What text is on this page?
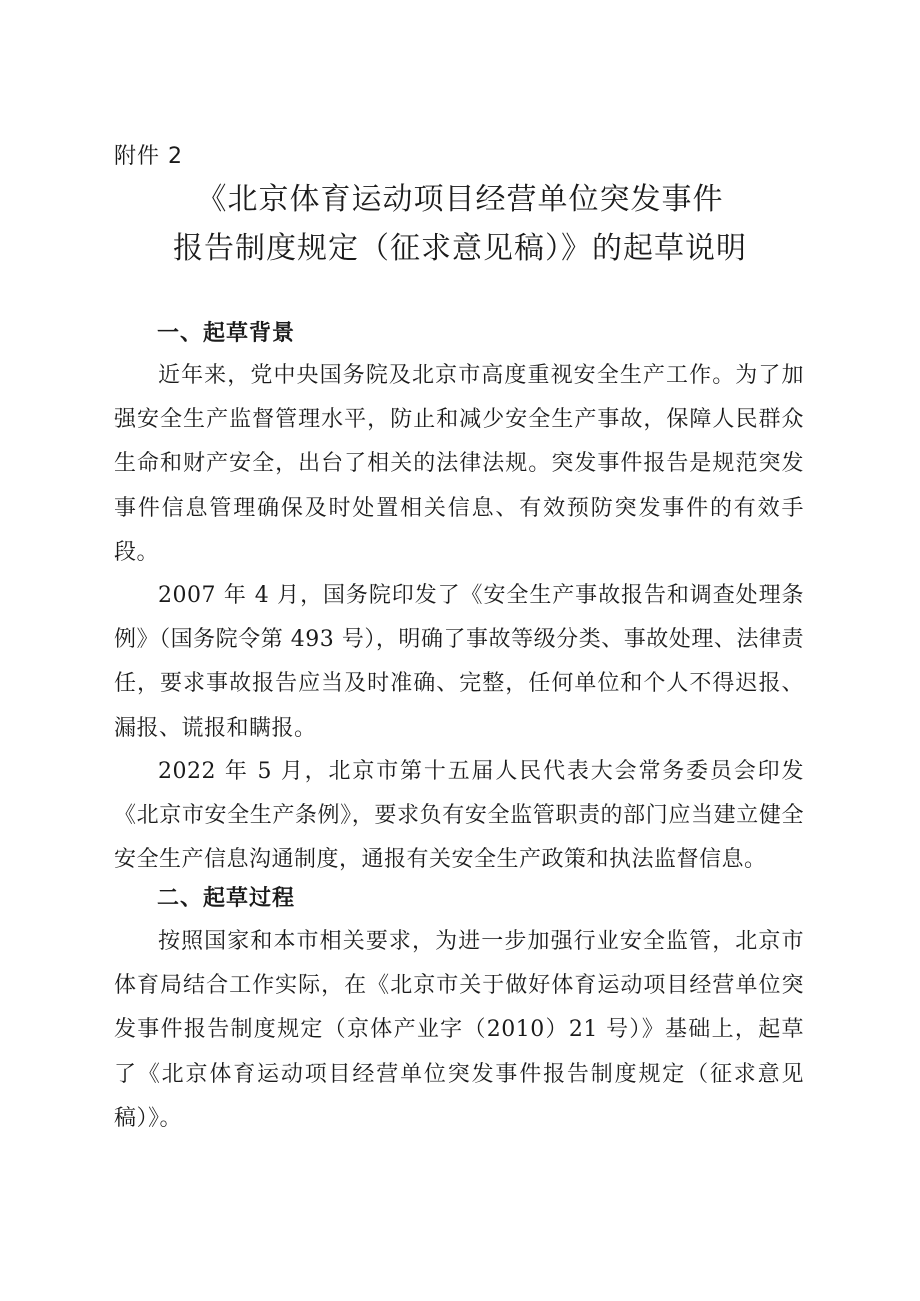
附件 2
《北京体育运动项目经营单位突发事件
报告制度规定（征求意见稿）》的起草说明
一、起草背景

近年来，党中央国务院及北京市高度重视安全生产工作。为了加强安全生产监督管理水平，防止和减少安全生产事故，保障人民群众生命和财产安全，出台了相关的法律法规。突发事件报告是规范突发事件信息管理确保及时处置相关信息、有效预防突发事件的有效手段。

2007 年 4 月，国务院印发了《安全生产事故报告和调查处理条例》（国务院令第 493 号），明确了事故等级分类、事故处理、法律责任，要求事故报告应当及时准确、完整，任何单位和个人不得迟报、漏报、谎报和瞒报。

2022 年 5 月，北京市第十五届人民代表大会常务委员会印发《北京市安全生产条例》，要求负有安全监管职责的部门应当建立健全安全生产信息沟通制度，通报有关安全生产政策和执法监督信息。

二、起草过程

按照国家和本市相关要求，为进一步加强行业安全监管，北京市体育局结合工作实际，在《北京市关于做好体育运动项目经营单位突发事件报告制度规定（京体产业字（2010）21 号）》基础上，起草了《北京体育运动项目经营单位突发事件报告制度规定（征求意见稿）》。
